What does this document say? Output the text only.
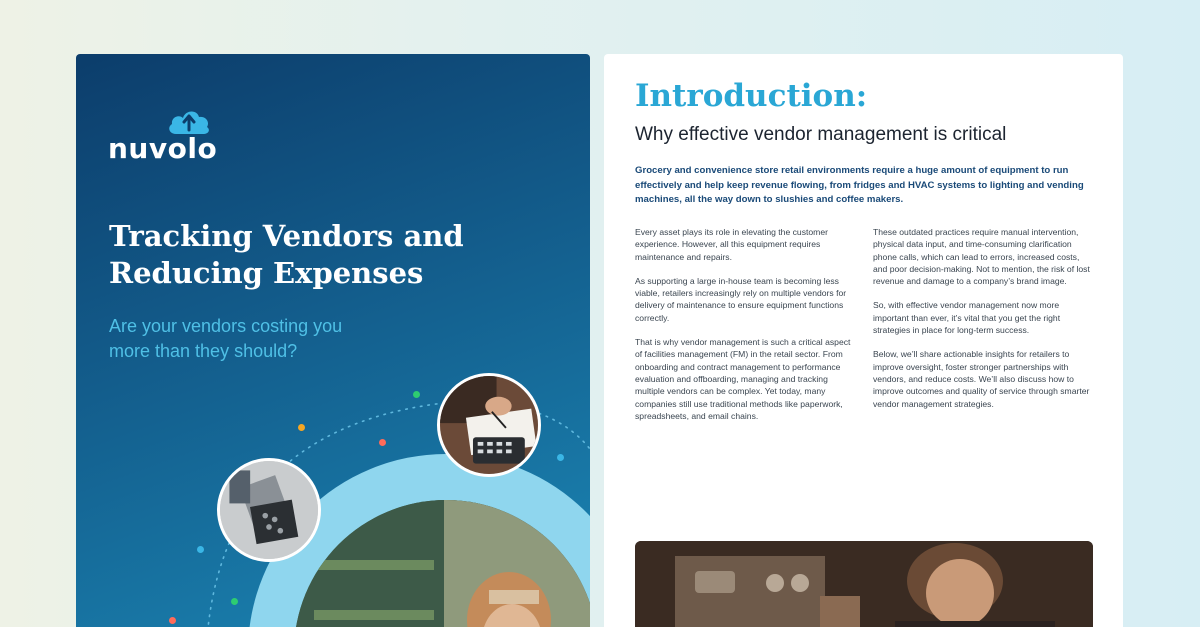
nuvolo
Tracking Vendors and
Reducing Expenses
Are your vendors costing you
more than they should?
Introduction:
Why effective vendor management is critical
Grocery and convenience store retail environments require a huge amount of equipment to run effectively and help keep revenue flowing, from fridges and HVAC systems to lighting and vending machines, all the way down to slushies and coffee makers.

Every asset plays its role in elevating the customer experience. However, all this equipment requires maintenance and repairs.

As supporting a large in-house team is becoming less viable, retailers increasingly rely on multiple vendors for delivery of maintenance to ensure equipment functions correctly.

That is why vendor management is such a critical aspect of facilities management (FM) in the retail sector. From onboarding and contract management to performance evaluation and offboarding, managing and tracking multiple vendors can be complex. Yet today, many companies still use traditional methods like paperwork, spreadsheets, and email chains.

These outdated practices require manual intervention, physical data input, and time-consuming clarification phone calls, which can lead to errors, increased costs, and poor decision-making. Not to mention, the risk of lost revenue and damage to a company’s brand image.

So, with effective vendor management now more important than ever, it’s vital that you get the right strategies in place for long-term success.

Below, we’ll share actionable insights for retailers to improve oversight, foster stronger partnerships with vendors, and reduce costs. We’ll also discuss how to improve outcomes and quality of service through smarter vendor management strategies.
